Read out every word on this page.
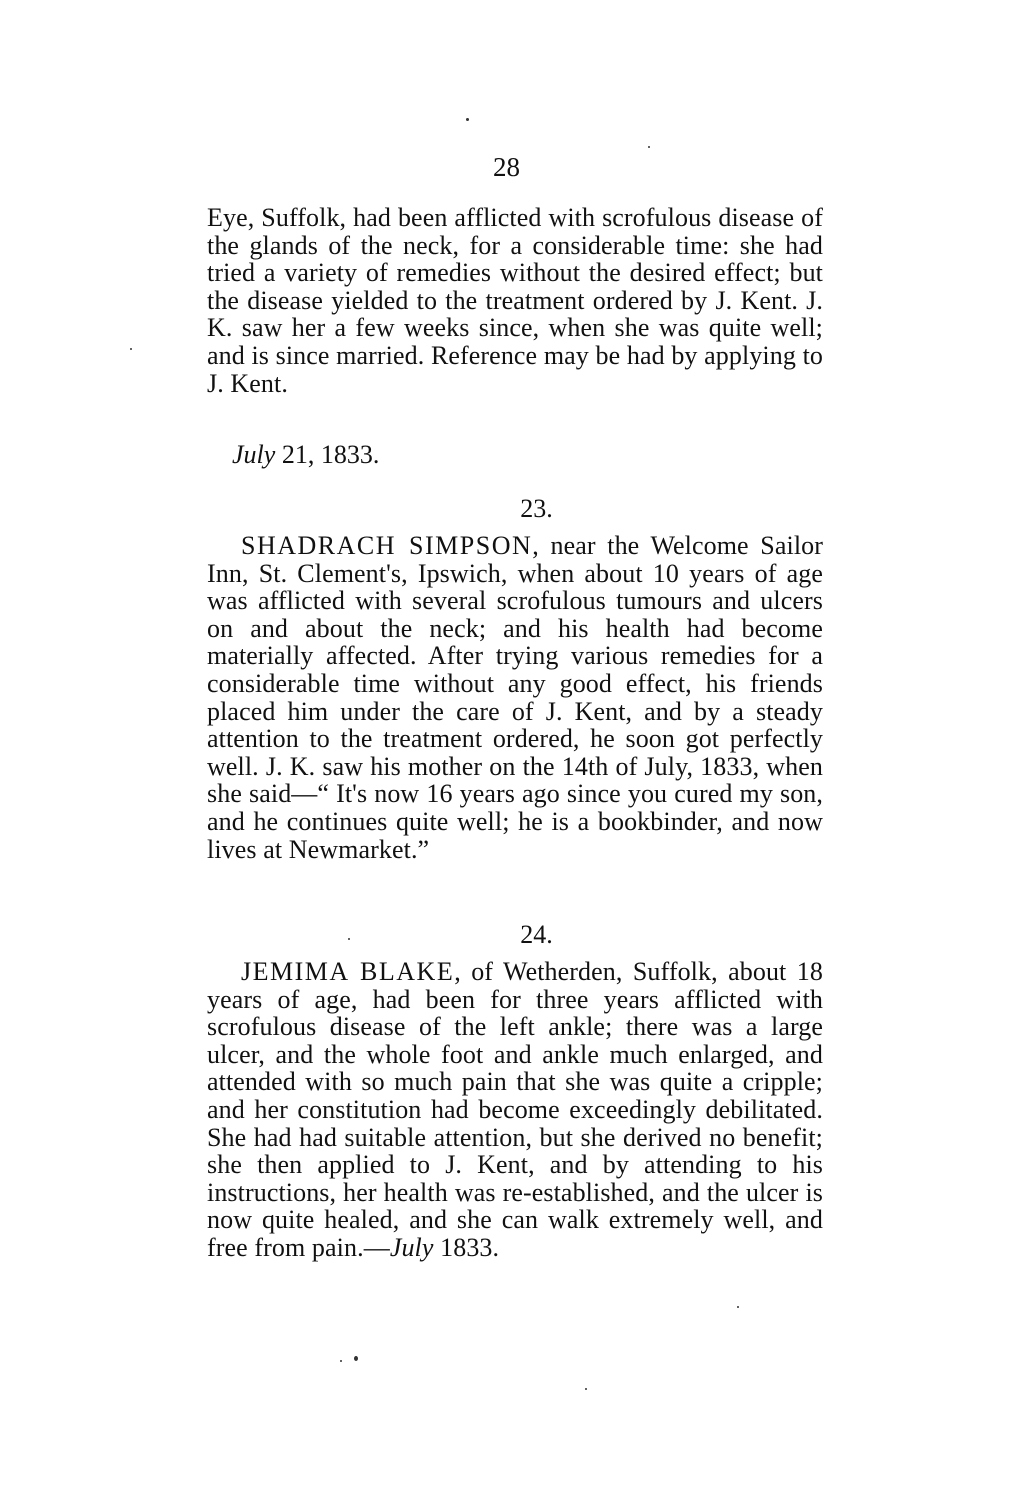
28
Eye, Suffolk, had been afflicted with scrofulous disease of the glands of the neck, for a considerable time: she had tried a variety of remedies without the desired effect; but the disease yielded to the treatment ordered by J. Kent. J. K. saw her a few weeks since, when she was quite well; and is since married. Reference may be had by applying to J. Kent.
July 21, 1833.
23.
SHADRACH SIMPSON, near the Welcome Sailor Inn, St. Clement's, Ipswich, when about 10 years of age was afflicted with several scrofulous tumours and ulcers on and about the neck; and his health had become materially affected. After trying various remedies for a considerable time without any good effect, his friends placed him under the care of J. Kent, and by a steady attention to the treatment ordered, he soon got perfectly well. J. K. saw his mother on the 14th of July, 1833, when she said—“ It's now 16 years ago since you cured my son, and he continues quite well; he is a bookbinder, and now lives at Newmarket.”
24.
JEMIMA BLAKE, of Wetherden, Suffolk, about 18 years of age, had been for three years afflicted with scrofulous disease of the left ankle; there was a large ulcer, and the whole foot and ankle much enlarged, and attended with so much pain that she was quite a cripple; and her constitution had become exceedingly debilitated. She had had suitable attention, but she derived no benefit; she then applied to J. Kent, and by attending to his instructions, her health was re-established, and the ulcer is now quite healed, and she can walk extremely well, and free from pain.—July 1833.
